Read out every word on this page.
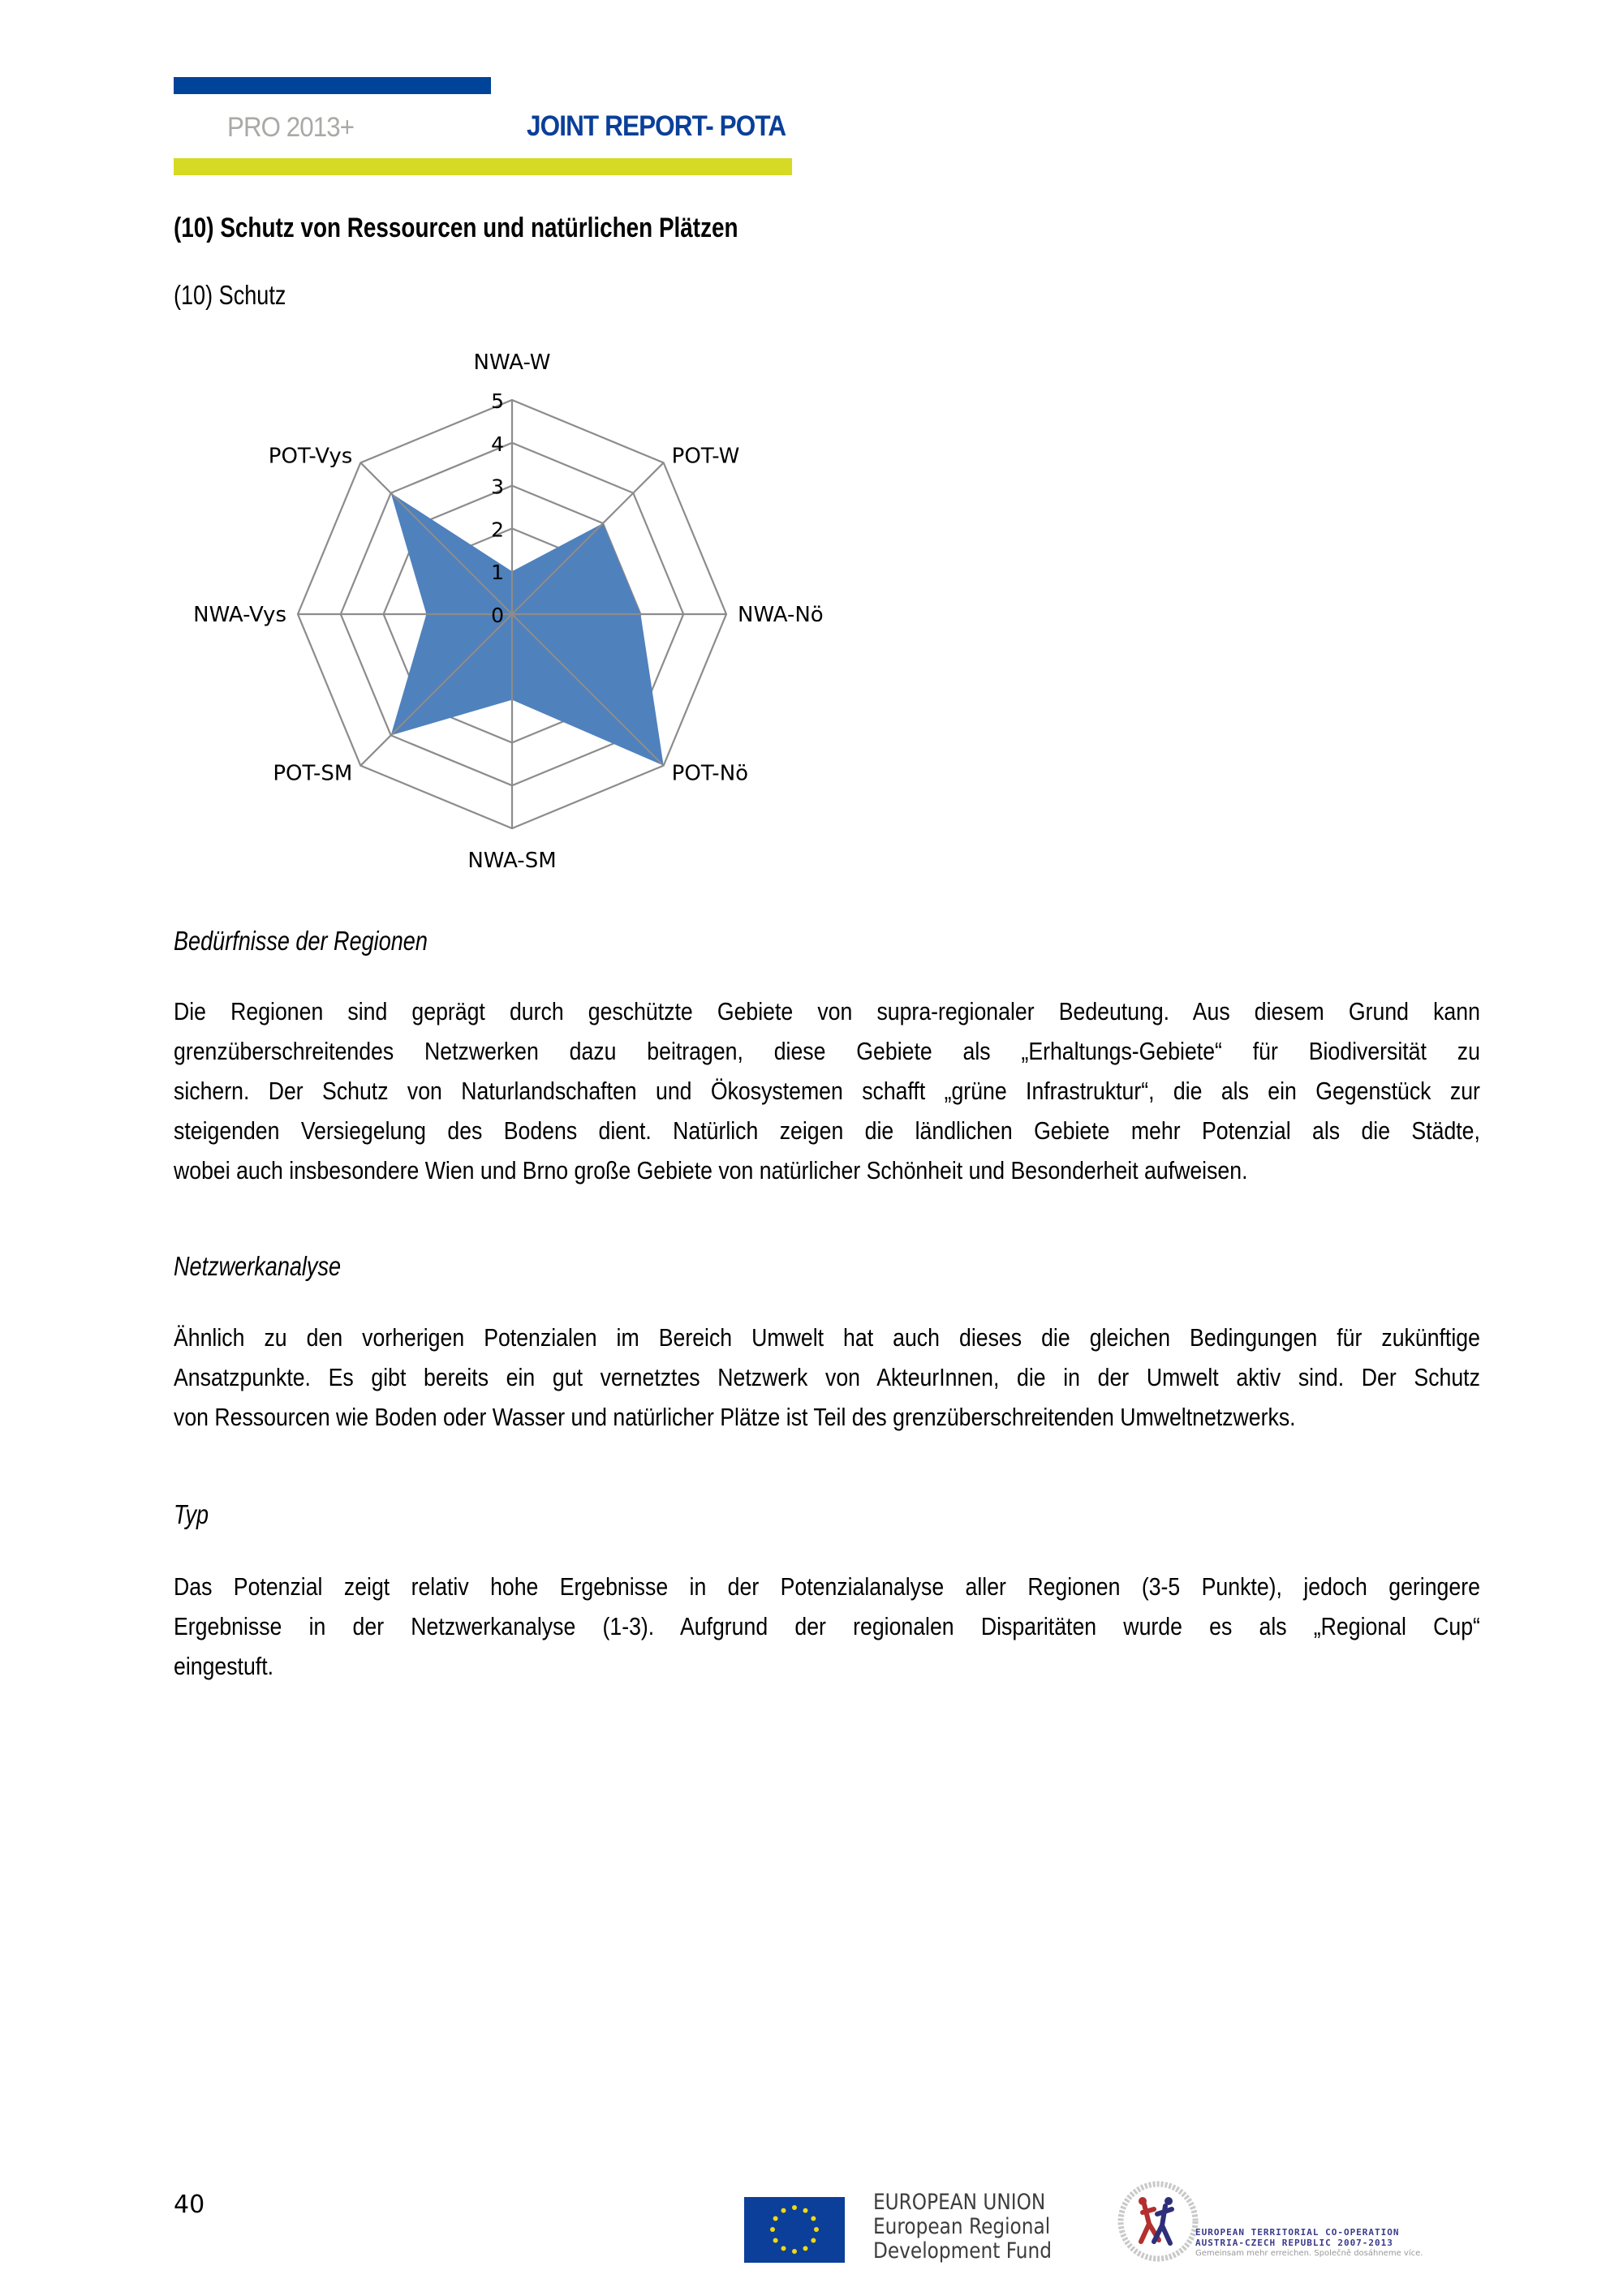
PRO 2013+	JOINT REPORT- POTA
(10) Schutz von Ressourcen und natürlichen Plätzen
(10) Schutz
0
1
2
3
4
5
NWA-W
POT-W
NWA-Nö
POT-Nö
NWA-SM
POT-SM
NWA-Vys
POT-Vys
Bedürfnisse der Regionen
Die Regionen sind geprägt durch geschützte Gebiete von supra-regionaler Bedeutung. Aus diesem Grund kann
grenzüberschreitendes Netzwerken dazu beitragen, diese Gebiete als „Erhaltungs-Gebiete“ für Biodiversität zu
sichern. Der Schutz von Naturlandschaften und Ökosystemen schafft „grüne Infrastruktur“, die als ein Gegenstück zur
steigenden Versiegelung des Bodens dient. Natürlich zeigen die ländlichen Gebiete mehr Potenzial als die Städte,
wobei auch insbesondere Wien und Brno große Gebiete von natürlicher Schönheit und Besonderheit aufweisen.
Netzwerkanalyse
Ähnlich zu den vorherigen Potenzialen im Bereich Umwelt hat auch dieses die gleichen Bedingungen für zukünftige
Ansatzpunkte. Es gibt bereits ein gut vernetztes Netzwerk von AkteurInnen, die in der Umwelt aktiv sind. Der Schutz
von Ressourcen wie Boden oder Wasser und natürlicher Plätze ist Teil des grenzüberschreitenden Umweltnetzwerks.
Typ
Das Potenzial zeigt relativ hohe Ergebnisse in der Potenzialanalyse aller Regionen (3-5 Punkte), jedoch geringere
Ergebnisse in der Netzwerkanalyse (1-3). Aufgrund der regionalen Disparitäten wurde es als „Regional Cup“
eingestuft.
40	EUROPEAN UNION
European Regional
Development Fund
EUROPEAN TERRITORIAL CO-OPERATION
AUSTRIA-CZECH REPUBLIC 2007-2013
Gemeinsam mehr erreichen. Společně dosáhneme více.
